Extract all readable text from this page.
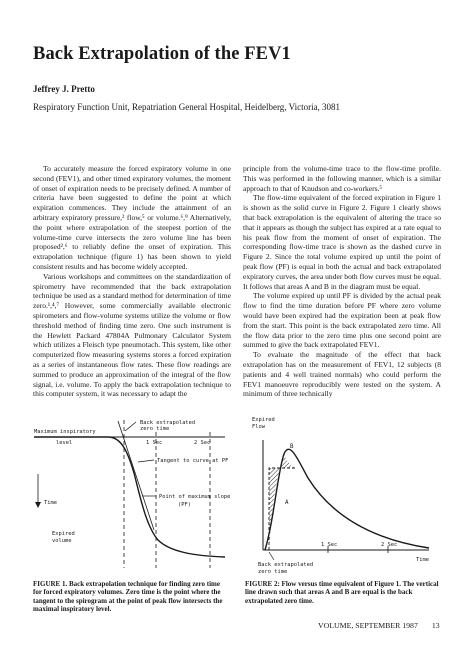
Back Extrapolation of the FEV1
Jeffrey J. Pretto
Respiratory Function Unit, Repatriation General Hospital, Heidelberg, Victoria, 3081

To accurately measure the forced expiratory volume in one second (FEV1), and other timed expiratory volumes, the moment of onset of expiration needs to be precisely defined. A number of criteria have been suggested to define the point at which expiration commences. They include the attainment of an arbitrary expiratory pressure,² flow,⁵ or volume.⁶,⁹ Alternatively, the point where extrapolation of the steepest portion of the volume-time curve intersects the zero volume line has been proposed²,⁶ to reliably define the onset of expiration. This extrapolation technique (figure 1) has been shown to yield consistent results and has become widely accepted.

Various workshops and committees on the standardization of spirometry have recommended that the back extrapolation technique be used as a standard method for determination of time zero.¹,⁴,⁷ However, some commercially available electronic spirometers and flow-volume systems utilize the volume or flow threshold method of finding time zero. One such instrument is the Hewlett Packard 47804A Pulmonary Calculator System which utilizes a Fleisch type pneumotach. This system, like other computerized flow measuring systems stores a forced expiration as a series of instantaneous flow rates. These flow readings are summed to produce an approximation of the integral of the flow signal, i.e. volume. To apply the back extrapolation technique to this computer system, it was necessary to adapt the

principle from the volume-time trace to the flow-time profile. This was performed in the following manner, which is a similar approach to that of Knudson and co-workers.⁵

The flow-time equivalent of the forced expiration in Figure 1 is shown as the solid curve in Figure 2. Figure 1 clearly shows that back extrapolation is the equivalent of altering the trace so that it appears as though the subject has expired at a rate equal to his peak flow from the moment of onset of expiration. The corresponding flow-time trace is shown as the dashed curve in Figure 2. Since the total volume expired up until the point of peak flow (PF) is equal in both the actual and back extrapolated expiratory curves, the area under both flow curves must be equal. It follows that areas A and B in the diagram must be equal.

The volume expired up until PF is divided by the actual peak flow to find the time duration before PF where zero volume would have been expired had the expiration been at peak flow from the start. This point is the back extrapolated zero time. All the flow data prior to the zero time plus one second point are summed to give the back extrapolated FEV1.

To evaluate the magnitude of the effect that back extrapolation has on the measurement of FEV1, 12 subjects (8 patients and 4 well trained normals) who could perform the FEV1 manoeuvre reproducibly were tested on the system. A minimum of three technically

Back extrapolated
zero time
Maximum inspiratory
level	1 Sec	2 Sec
Tangent to curve at PF
Time
Point of maximum slope
(PF)
Expired
volume
Expired
Flow
A
B
1 Sec	2 Sec
Time
Back extrapolated
zero time
FIGURE 1. Back extrapolation technique for finding zero time for forced expiratory volumes. Zero time is the point where the tangent to the spirogram at the point of peak flow intersects the maximal inspiratory level.
FIGURE 2: Flow versus time equivalent of Figure 1. The vertical line drawn such that areas A and B are equal is the back extrapolated zero time.
VOLUME, SEPTEMBER 1987 13
